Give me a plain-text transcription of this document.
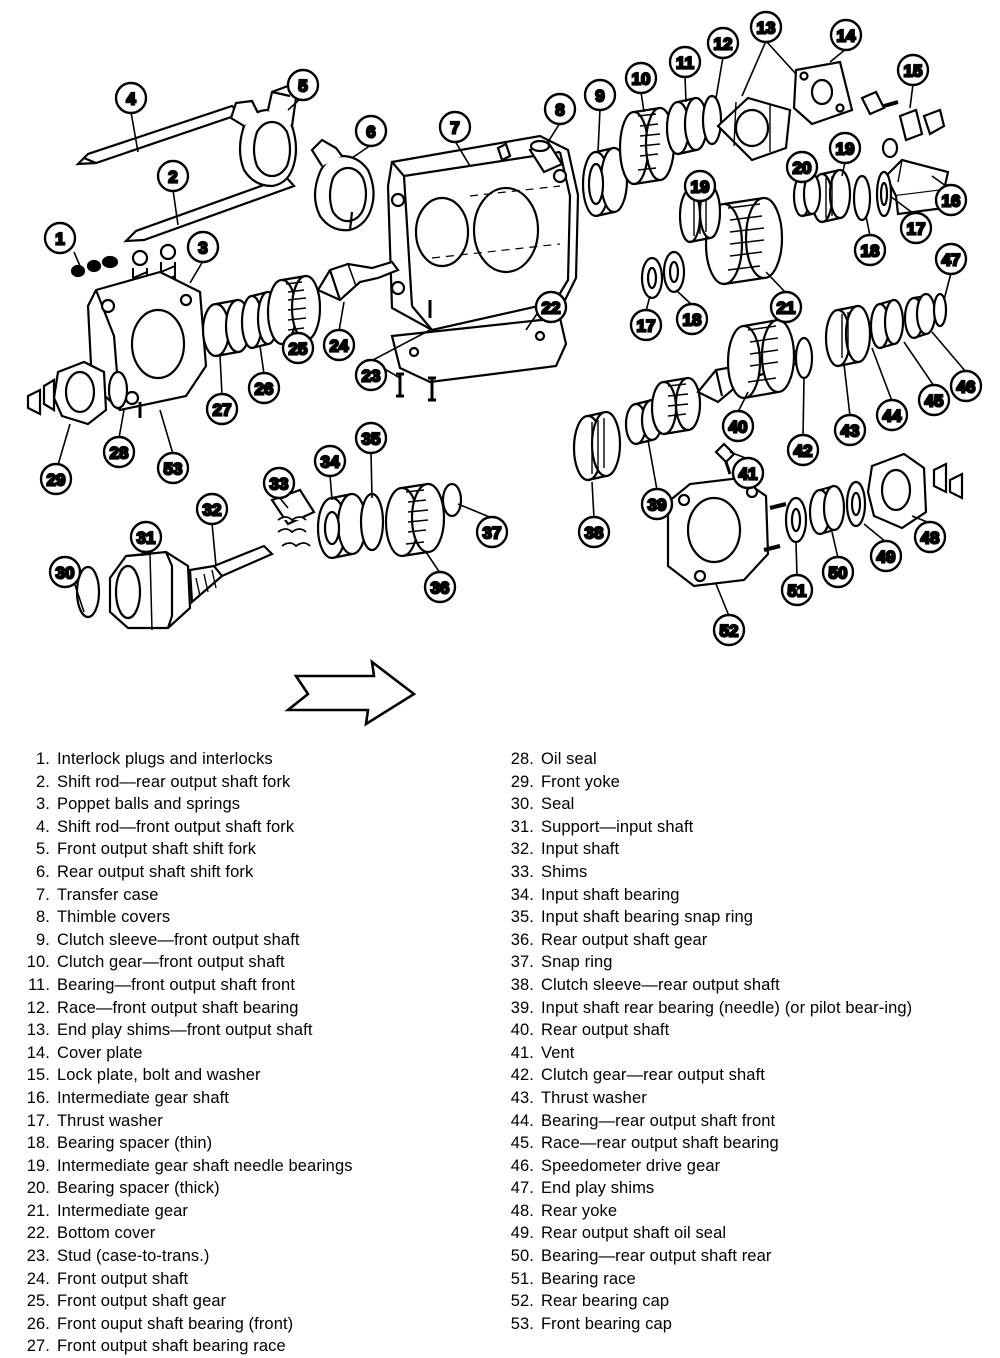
1
2
3
4
5
6	7
8
9
10
11
12
13	14
15
16
17
18
19
19
20
21
17 18
22
23
24
25
26
27
28
29
53
30
31
32
33
34
35
36
37	38
39
40
41
42
43
44
45
46
47
48
49
50
51
52
1. Interlock plugs and interlocks
2. Shift rod—rear output shaft fork
3. Poppet balls and springs
4. Shift rod—front output shaft fork
5. Front output shaft shift fork
6. Rear output shaft shift fork
7. Transfer case
8. Thimble covers
9. Clutch sleeve—front output shaft
10. Clutch gear—front output shaft
11. Bearing—front output shaft front
12. Race—front output shaft bearing
13. End play shims—front output shaft
14. Cover plate
15. Lock plate, bolt and washer
16. Intermediate gear shaft
17. Thrust washer
18. Bearing spacer (thin)
19. Intermediate gear shaft needle bearings
20. Bearing spacer (thick)
21. Intermediate gear
22. Bottom cover
23. Stud (case-to-trans.)
24. Front output shaft
25. Front output shaft gear
26. Front ouput shaft bearing (front)
27. Front output shaft bearing race
28. Oil seal
29. Front yoke
30. Seal
31. Support—input shaft
32. Input shaft
33. Shims
34. Input shaft bearing
35. Input shaft bearing snap ring
36. Rear output shaft gear
37. Snap ring
38. Clutch sleeve—rear output shaft
39. Input shaft rear bearing (needle) (or pilot bear-ing)
40. Rear output shaft
41. Vent
42. Clutch gear—rear output shaft
43. Thrust washer
44. Bearing—rear output shaft front
45. Race—rear output shaft bearing
46. Speedometer drive gear
47. End play shims
48. Rear yoke
49. Rear output shaft oil seal
50. Bearing—rear output shaft rear
51. Bearing race
52. Rear bearing cap
53. Front bearing cap
